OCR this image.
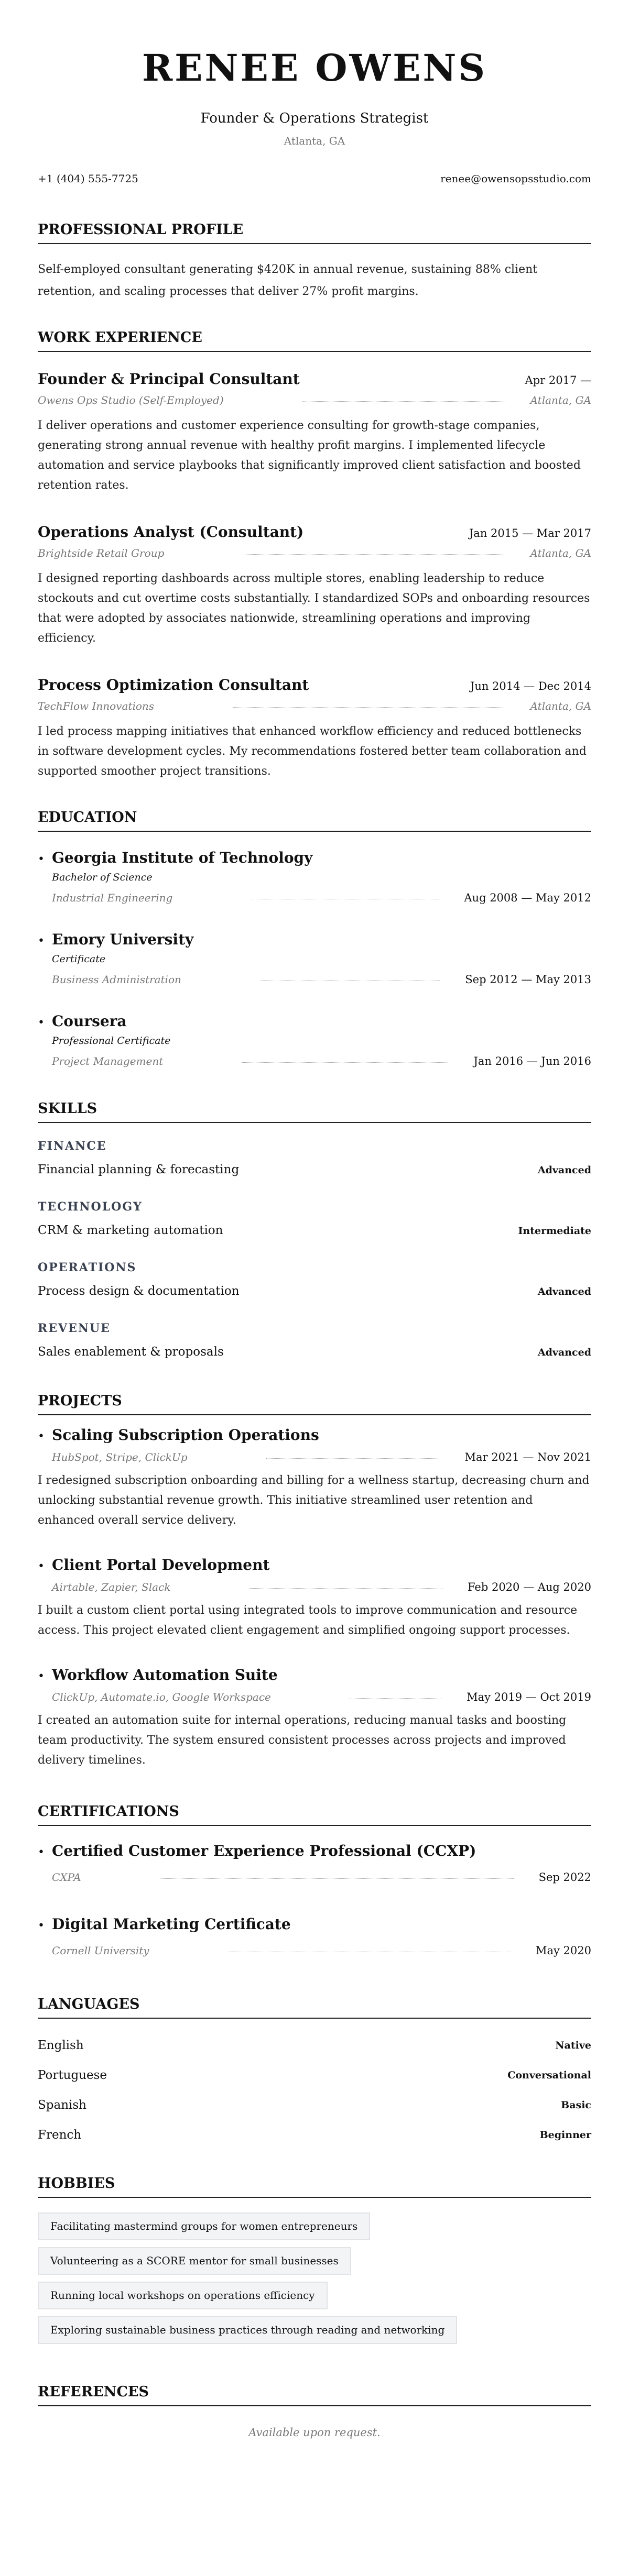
RENEE OWENS
Founder & Operations Strategist
Atlanta, GA
+1 (404) 555-7725	renee@owensopsstudio.com
PROFESSIONAL PROFILE

Self-employed consultant generating $420K in annual revenue, sustaining 88% client retention, and scaling processes that deliver 27% profit margins.

WORK EXPERIENCE
Founder & Principal Consultant	Apr 2017 —
Owens Ops Studio (Self-Employed)	Atlanta, GA

I deliver operations and customer experience consulting for growth-stage companies, generating strong annual revenue with healthy profit margins. I implemented lifecycle automation and service playbooks that significantly improved client satisfaction and boosted retention rates.

Operations Analyst (Consultant)	Jan 2015 — Mar 2017
Brightside Retail Group	Atlanta, GA

I designed reporting dashboards across multiple stores, enabling leadership to reduce stockouts and cut overtime costs substantially. I standardized SOPs and onboarding resources that were adopted by associates nationwide, streamlining operations and improving efficiency.

Process Optimization Consultant	Jun 2014 — Dec 2014
TechFlow Innovations	Atlanta, GA

I led process mapping initiatives that enhanced workflow efficiency and reduced bottlenecks in software development cycles. My recommendations fostered better team collaboration and supported smoother project transitions.

EDUCATION
• Georgia Institute of Technology
Bachelor of Science
Industrial Engineering	Aug 2008 — May 2012
• Emory University
Certificate
Business Administration	Sep 2012 — May 2013
• Coursera
Professional Certificate
Project Management	Jan 2016 — Jun 2016
SKILLS
FINANCE
Financial planning & forecasting	Advanced
TECHNOLOGY
CRM & marketing automation	Intermediate
OPERATIONS
Process design & documentation	Advanced
REVENUE
Sales enablement & proposals	Advanced
PROJECTS
• Scaling Subscription Operations
HubSpot, Stripe, ClickUp	Mar 2021 — Nov 2021

I redesigned subscription onboarding and billing for a wellness startup, decreasing churn and unlocking substantial revenue growth. This initiative streamlined user retention and enhanced overall service delivery.

• Client Portal Development
Airtable, Zapier, Slack	Feb 2020 — Aug 2020

I built a custom client portal using integrated tools to improve communication and resource access. This project elevated client engagement and simplified ongoing support processes.

• Workflow Automation Suite
ClickUp, Automate.io, Google Workspace	May 2019 — Oct 2019

I created an automation suite for internal operations, reducing manual tasks and boosting team productivity. The system ensured consistent processes across projects and improved delivery timelines.

CERTIFICATIONS
• Certified Customer Experience Professional (CCXP)
CXPA	Sep 2022
• Digital Marketing Certificate
Cornell University	May 2020
LANGUAGES
English	Native
Portuguese	Conversational
Spanish	Basic
French	Beginner
HOBBIES
Facilitating mastermind groups for women entrepreneurs
Volunteering as a SCORE mentor for small businesses
Running local workshops on operations efficiency
Exploring sustainable business practices through reading and networking
REFERENCES

Available upon request.
